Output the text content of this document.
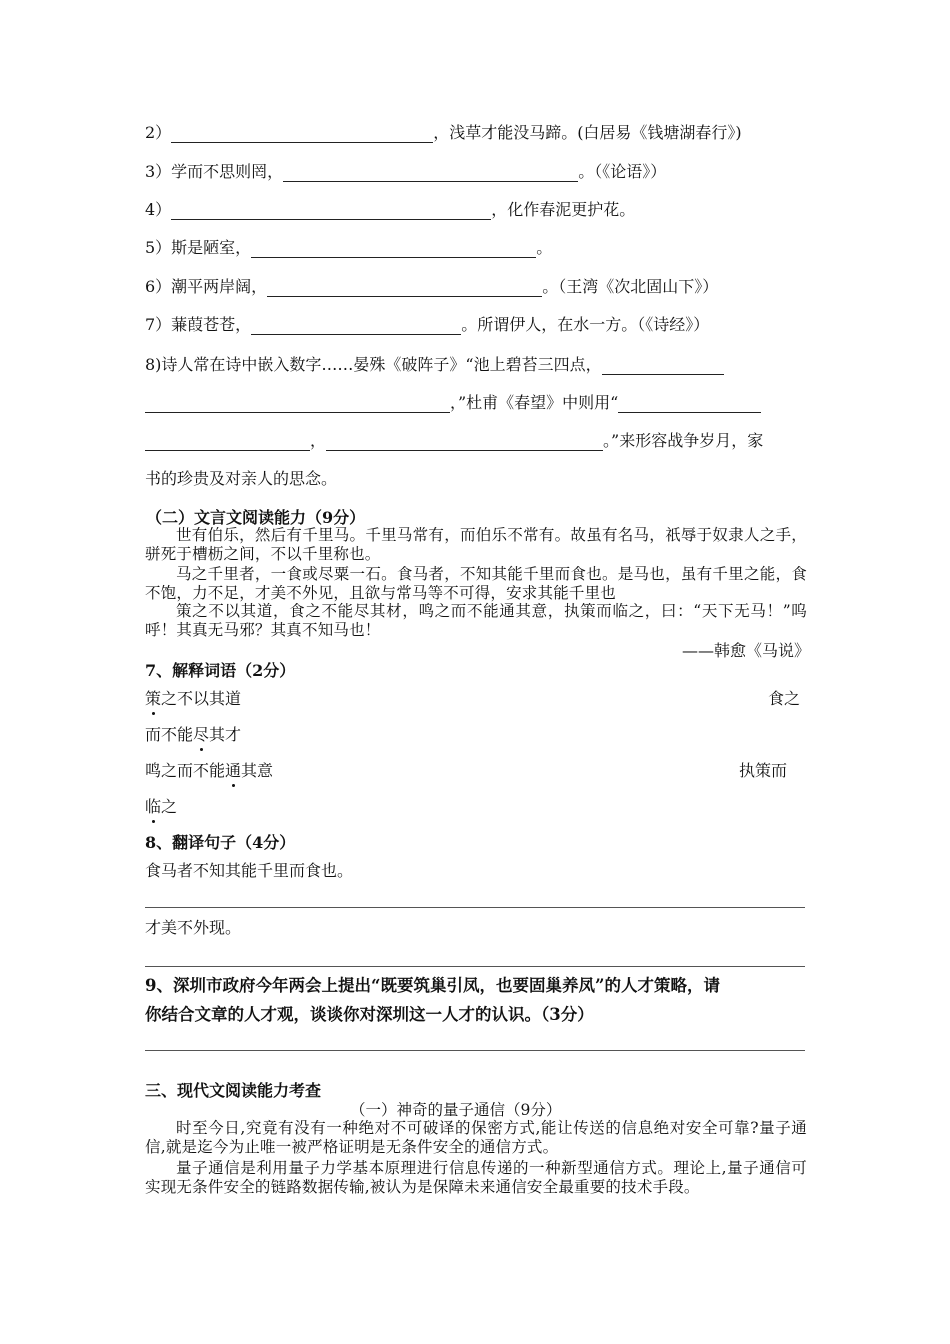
2）	，浅草才能没马蹄。(白居易《钱塘湖春行》)
3）学而不思则罔，	。（《论语》）
4）	，化作春泥更护花。
5）斯是陋室，	。
6）潮平两岸阔，	。（王湾《次北固山下》）
7）蒹葭苍苍，	。所谓伊人，在水一方。（《诗经》）
8)诗人常在诗中嵌入数字……晏殊《破阵子》“池上碧苔三四点，
，”杜甫《春望》中则用“
，	。”来形容战争岁月，家
书的珍贵及对亲人的思念。
（二）文言文阅读能力（9分）
世有伯乐，然后有千里马。千里马常有，而伯乐不常有。故虽有名马，祇辱于奴隶人之手，骈死于槽枥之间，不以千里称也。
马之千里者，一食或尽粟一石。食马者，不知其能千里而食也。是马也，虽有千里之能，食不饱，力不足，才美不外见，且欲与常马等不可得，安求其能千里也
策之不以其道，食之不能尽其材，鸣之而不能通其意，执策而临之，曰：“天下无马！”呜呼！其真无马邪？其真不知马也！
——韩愈《马说》
7、解释词语（2分）
策之不以其道	食之
而不能尽其才
鸣之而不能通其意	执策而
临之
8、翻译句子（4分）
食马者不知其能千里而食也。
才美不外现。
9、深圳市政府今年两会上提出“既要筑巢引凤，也要固巢养凤”的人才策略，请
你结合文章的人才观，谈谈你对深圳这一人才的认识。（3分）
三、现代文阅读能力考查
（一）神奇的量子通信（9分）
时至今日,究竟有没有一种绝对不可破译的保密方式,能让传送的信息绝对安全可靠?量子通信,就是迄今为止唯一被严格证明是无条件安全的通信方式。
量子通信是利用量子力学基本原理进行信息传递的一种新型通信方式。理论上,量子通信可实现无条件安全的链路数据传输,被认为是保障未来通信安全最重要的技术手段。
